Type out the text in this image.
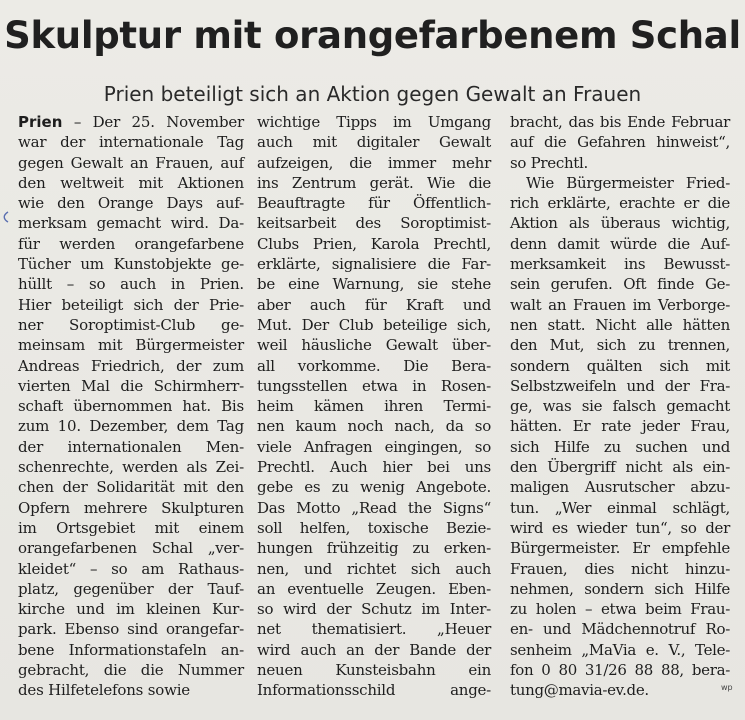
Skulptur mit orangefarbenem Schal
Prien beteiligt sich an Aktion gegen Gewalt an Frauen
Prien – Der 25. November
war der internationale Tag
gegen Gewalt an Frauen, auf
den weltweit mit Aktionen
wie den Orange Days auf-
merksam gemacht wird. Da-
für werden orangefarbene
Tücher um Kunstobjekte ge-
hüllt – so auch in Prien.
Hier beteiligt sich der Prie-
ner Soroptimist-Club ge-
meinsam mit Bürgermeister
Andreas Friedrich, der zum
vierten Mal die Schirmherr-
schaft übernommen hat. Bis
zum 10. Dezember, dem Tag
der internationalen Men-
schenrechte, werden als Zei-
chen der Solidarität mit den
Opfern mehrere Skulpturen
im Ortsgebiet mit einem
orangefarbenen Schal „ver-
kleidet“ – so am Rathaus-
platz, gegenüber der Tauf-
kirche und im kleinen Kur-
park. Ebenso sind orangefar-
bene Informationstafeln an-
gebracht, die die Nummer
des Hilfetelefons sowie
wichtige Tipps im Umgang
auch mit digitaler Gewalt
aufzeigen, die immer mehr
ins Zentrum gerät. Wie die
Beauftragte für Öffentlich-
keitsarbeit des Soroptimist-
Clubs Prien, Karola Prechtl,
erklärte, signalisiere die Far-
be eine Warnung, sie stehe
aber auch für Kraft und
Mut. Der Club beteilige sich,
weil häusliche Gewalt über-
all vorkomme. Die Bera-
tungsstellen etwa in Rosen-
heim kämen ihren Termi-
nen kaum noch nach, da so
viele Anfragen eingingen, so
Prechtl. Auch hier bei uns
gebe es zu wenig Angebote.
Das Motto „Read the Signs“
soll helfen, toxische Bezie-
hungen frühzeitig zu erken-
nen, und richtet sich auch
an eventuelle Zeugen. Eben-
so wird der Schutz im Inter-
net thematisiert. „Heuer
wird auch an der Bande der
neuen Kunsteisbahn ein
Informationsschild ange-
bracht, das bis Ende Februar
auf die Gefahren hinweist“,
so Prechtl.
Wie Bürgermeister Fried-
rich erklärte, erachte er die
Aktion als überaus wichtig,
denn damit würde die Auf-
merksamkeit ins Bewusst-
sein gerufen. Oft finde Ge-
walt an Frauen im Verborge-
nen statt. Nicht alle hätten
den Mut, sich zu trennen,
sondern quälten sich mit
Selbstzweifeln und der Fra-
ge, was sie falsch gemacht
hätten. Er rate jeder Frau,
sich Hilfe zu suchen und
den Übergriff nicht als ein-
maligen Ausrutscher abzu-
tun. „Wer einmal schlägt,
wird es wieder tun“, so der
Bürgermeister. Er empfehle
Frauen, dies nicht hinzu-
nehmen, sondern sich Hilfe
zu holen – etwa beim Frau-
en- und Mädchennotruf Ro-
senheim „MaVia e. V., Tele-
fon 0 80 31/26 88 88, bera-
tung@mavia-ev.de.	wp
